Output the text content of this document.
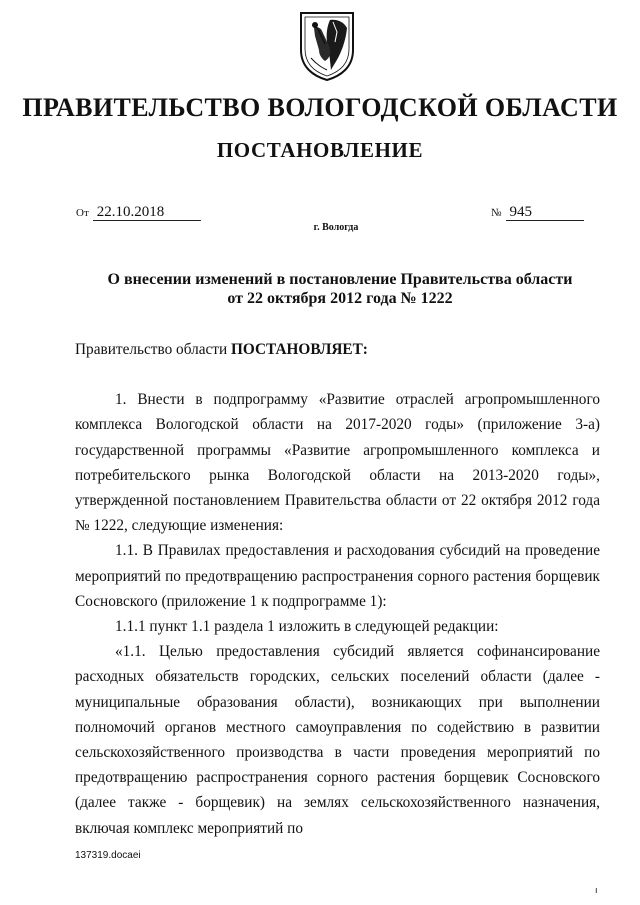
ПРАВИТЕЛЬСТВО ВОЛОГОДСКОЙ ОБЛАСТИ
ПОСТАНОВЛЕНИЕ
От 22.10.2018	№ 945
г. Вологда
О внесении изменений в постановление Правительства области
от 22 октября 2012 года № 1222

Правительство области ПОСТАНОВЛЯЕТ:

1. Внести в подпрограмму «Развитие отраслей агропромышленного комплекса Вологодской области на 2017-2020 годы» (приложение 3-а) государственной программы «Развитие агропромышленного комплекса и потребительского рынка Вологодской области на 2013-2020 годы», утвержденной постановлением Правительства области от 22 октября 2012 года № 1222, следующие изменения:

1.1. В Правилах предоставления и расходования субсидий на проведение мероприятий по предотвращению распространения сорного растения борщевик Сосновского (приложение 1 к подпрограмме 1):

1.1.1 пункт 1.1 раздела 1 изложить в следующей редакции:

«1.1. Целью предоставления субсидий является софинансирование расходных обязательств городских, сельских поселений области (далее - муниципальные образования области), возникающих при выполнении полномочий органов местного самоуправления по содействию в развитии сельскохозяйственного производства в части проведения мероприятий по предотвращению распространения сорного растения борщевик Сосновского (далее также - борщевик) на землях сельскохозяйственного назначения, включая комплекс мероприятий по

137319.docaei
ı
